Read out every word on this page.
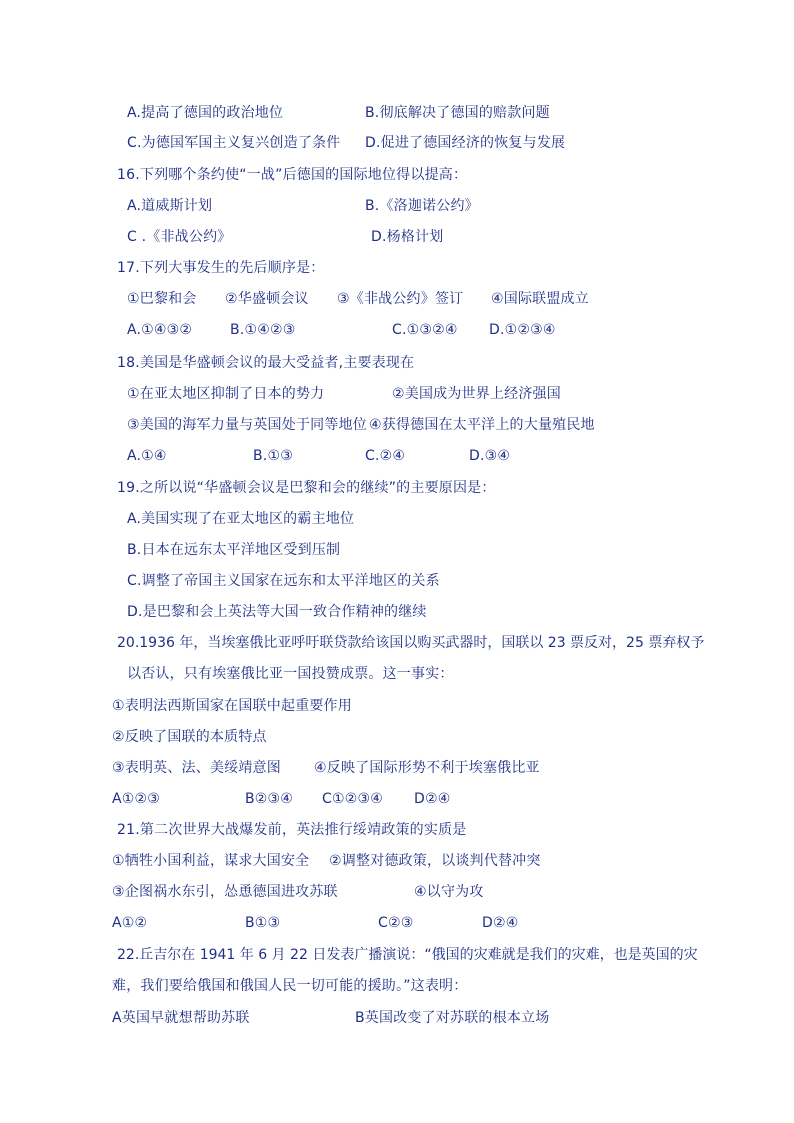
A.提高了德国的政治地位	B.彻底解决了德国的赔款问题
C.为德国军国主义复兴创造了条件 D.促进了德国经济的恢复与发展
16.下列哪个条约使“一战”后德国的国际地位得以提高：
A.道威斯计划	B.《洛迦诺公约》
C .《非战公约》	D.杨格计划
17.下列大事发生的先后顺序是：
①巴黎和会 ②华盛顿会议 ③《非战公约》签订 ④国际联盟成立
A.①④③②	B.①④②③	C.①③②④ D.①②③④
18.美国是华盛顿会议的最大受益者,主要表现在
①在亚太地区抑制了日本的势力	②美国成为世界上经济强国
③美国的海军力量与英国处于同等地位 ④获得德国在太平洋上的大量殖民地
A.①④	B.①③	C.②④	D.③④
19.之所以说“华盛顿会议是巴黎和会的继续”的主要原因是：
A.美国实现了在亚太地区的霸主地位
B.日本在远东太平洋地区受到压制
C.调整了帝国主义国家在远东和太平洋地区的关系
D.是巴黎和会上英法等大国一致合作精神的继续
20.1936 年，当埃塞俄比亚呼吁联贷款给该国以购买武器时，国联以 23 票反对，25 票弃权予
以否认，只有埃塞俄比亚一国投赞成票。这一事实：
①表明法西斯国家在国联中起重要作用
②反映了国联的本质特点
③表明英、法、美绥靖意图 ④反映了国际形势不利于埃塞俄比亚
A①②③	B②③④ C①②③④ D②④
21.第二次世界大战爆发前，英法推行绥靖政策的实质是
①牺牲小国利益，谋求大国安全 ②调整对德政策，以谈判代替冲突
③企图祸水东引，怂恿德国进攻苏联	④以守为攻
A①②	B①③	C②③	D②④
22.丘吉尔在 1941 年 6 月 22 日发表广播演说：“俄国的灾难就是我们的灾难，也是英国的灾
难，我们要给俄国和俄国人民一切可能的援助。”这表明：
A英国早就想帮助苏联	B英国改变了对苏联的根本立场
